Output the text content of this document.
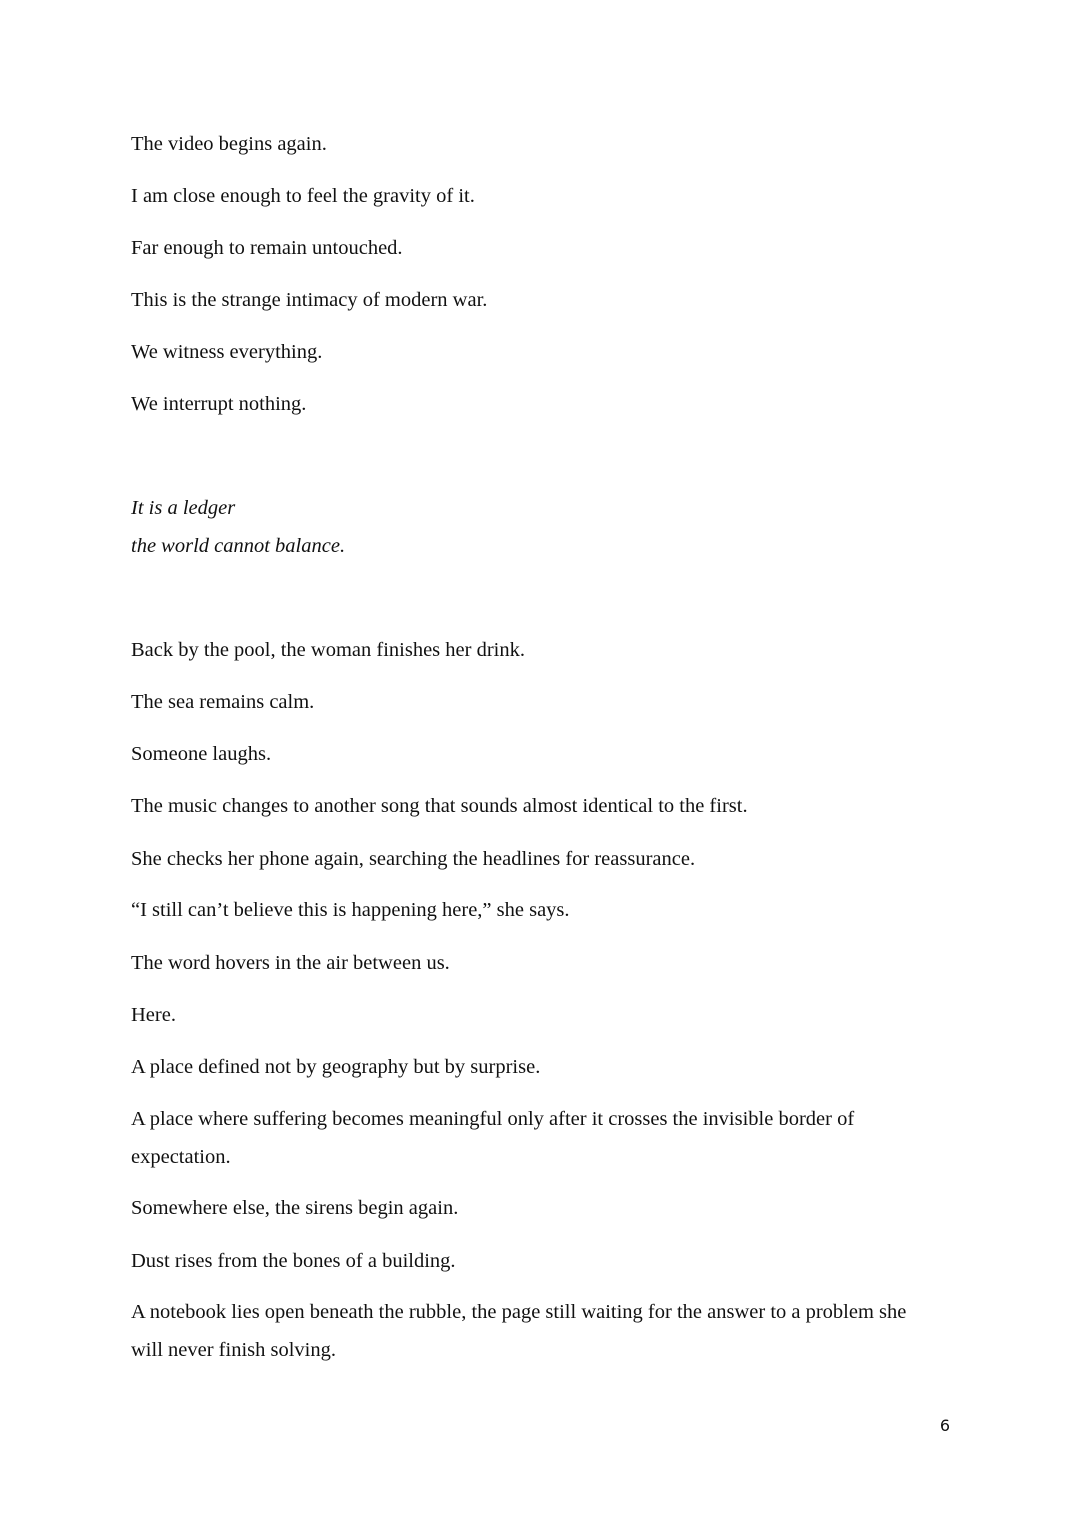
The video begins again.

I am close enough to feel the gravity of it.

Far enough to remain untouched.

This is the strange intimacy of modern war.

We witness everything.

We interrupt nothing.

It is a ledger

the world cannot balance.

Back by the pool, the woman finishes her drink.

The sea remains calm.

Someone laughs.

The music changes to another song that sounds almost identical to the first.

She checks her phone again, searching the headlines for reassurance.

“I still can’t believe this is happening here,” she says.

The word hovers in the air between us.

Here.

A place defined not by geography but by surprise.

A place where suffering becomes meaningful only after it crosses the invisible border of expectation.

Somewhere else, the sirens begin again.

Dust rises from the bones of a building.

A notebook lies open beneath the rubble, the page still waiting for the answer to a problem she will never finish solving.

6
